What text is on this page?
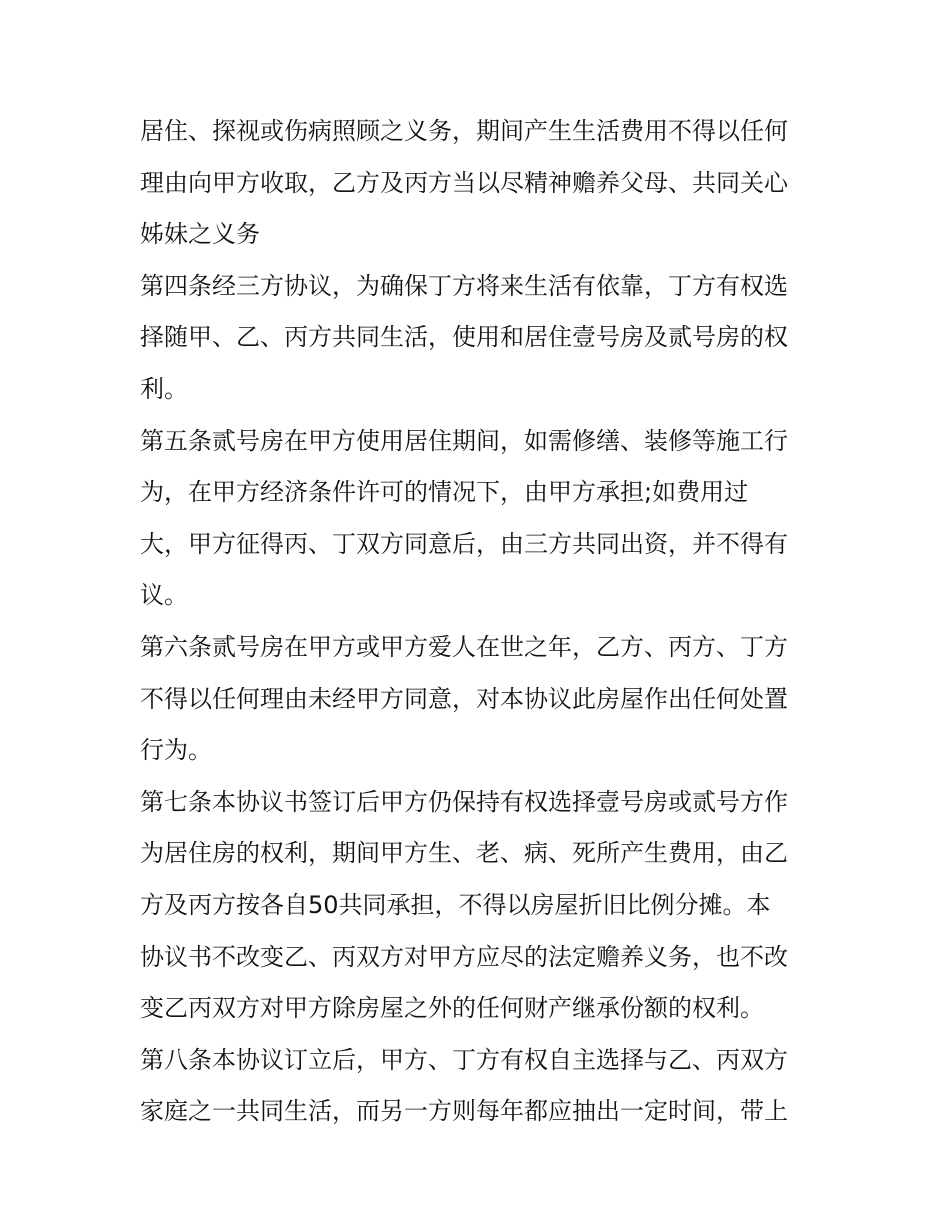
居住、探视或伤病照顾之义务，期间产生生活费用不得以任何
理由向甲方收取，乙方及丙方当以尽精神赡养父母、共同关心
姊妹之义务
第四条经三方协议，为确保丁方将来生活有依靠，丁方有权选
择随甲、乙、丙方共同生活，使用和居住壹号房及贰号房的权
利。
第五条贰号房在甲方使用居住期间，如需修缮、装修等施工行
为，在甲方经济条件许可的情况下，由甲方承担;如费用过
大，甲方征得丙、丁双方同意后，由三方共同出资，并不得有
议。
第六条贰号房在甲方或甲方爱人在世之年，乙方、丙方、丁方
不得以任何理由未经甲方同意，对本协议此房屋作出任何处置
行为。
第七条本协议书签订后甲方仍保持有权选择壹号房或贰号方作
为居住房的权利，期间甲方生、老、病、死所产生费用，由乙
方及丙方按各自50共同承担，不得以房屋折旧比例分摊。本
协议书不改变乙、丙双方对甲方应尽的法定赡养义务，也不改
变乙丙双方对甲方除房屋之外的任何财产继承份额的权利。
第八条本协议订立后，甲方、丁方有权自主选择与乙、丙双方
家庭之一共同生活，而另一方则每年都应抽出一定时间，带上
